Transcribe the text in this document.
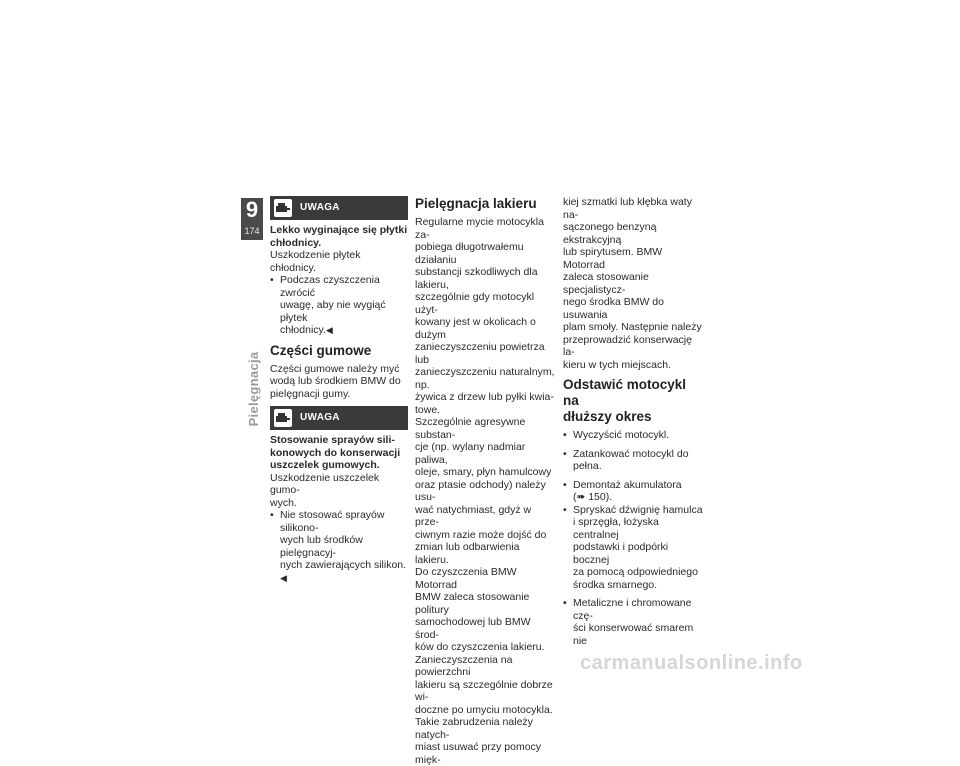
9
174
Pielęgnacja
UWAGA
Lekko wyginające się płytki
chłodnicy.
Uszkodzenie płytek chłodnicy.
• Podczas czyszczenia zwrócić
uwagę, aby nie wygiąć płytek
chłodnicy.◀
Części gumowe
Części gumowe należy myć
wodą lub środkiem BMW do
pielęgnacji gumy.
UWAGA
Stosowanie sprayów sili-
konowych do konserwacji
uszczelek gumowych.
Uszkodzenie uszczelek gumo-
wych.
• Nie stosować sprayów silikono-
wych lub środków pielęgnacyj-
nych zawierających silikon.◀
Pielęgnacja lakieru
Regularne mycie motocykla za-
pobiega długotrwałemu działaniu
substancji szkodliwych dla lakieru,
szczególnie gdy motocykl użyt-
kowany jest w okolicach o dużym
zanieczyszczeniu powietrza lub
zanieczyszczeniu naturalnym, np.
żywica z drzew lub pyłki kwia-
towe.
Szczególnie agresywne substan-
cje (np. wylany nadmiar paliwa,
oleje, smary, płyn hamulcowy
oraz ptasie odchody) należy usu-
wać natychmiast, gdyż w prze-
ciwnym razie może dojść do
zmian lub odbarwienia lakieru.
Do czyszczenia BMW Motorrad
BMW zaleca stosowanie politury
samochodowej lub BMW środ-
ków do czyszczenia lakieru.
Zanieczyszczenia na powierzchni
lakieru są szczególnie dobrze wi-
doczne po umyciu motocykla.
Takie zabrudzenia należy natych-
miast usuwać przy pomocy mięk-
kiej szmatki lub kłębka waty na-
sączonego benzyną ekstrakcyjną
lub spirytusem. BMW Motorrad
zaleca stosowanie specjalistycz-
nego środka BMW do usuwania
plam smoły. Następnie należy
przeprowadzić konserwację la-
kieru w tych miejscach.
Odstawić motocykl na
dłuższy okres
• Wyczyścić motocykl.
• Zatankować motocykl do pełna.
• Demontaż akumulatora
(➠ 150).
• Spryskać dźwignię hamulca
i sprzęgła, łożyska centralnej
podstawki i podpórki bocznej
za pomocą odpowiedniego
środka smarnego.
• Metaliczne i chromowane czę-
ści konserwować smarem nie
carmanualsonline.info
